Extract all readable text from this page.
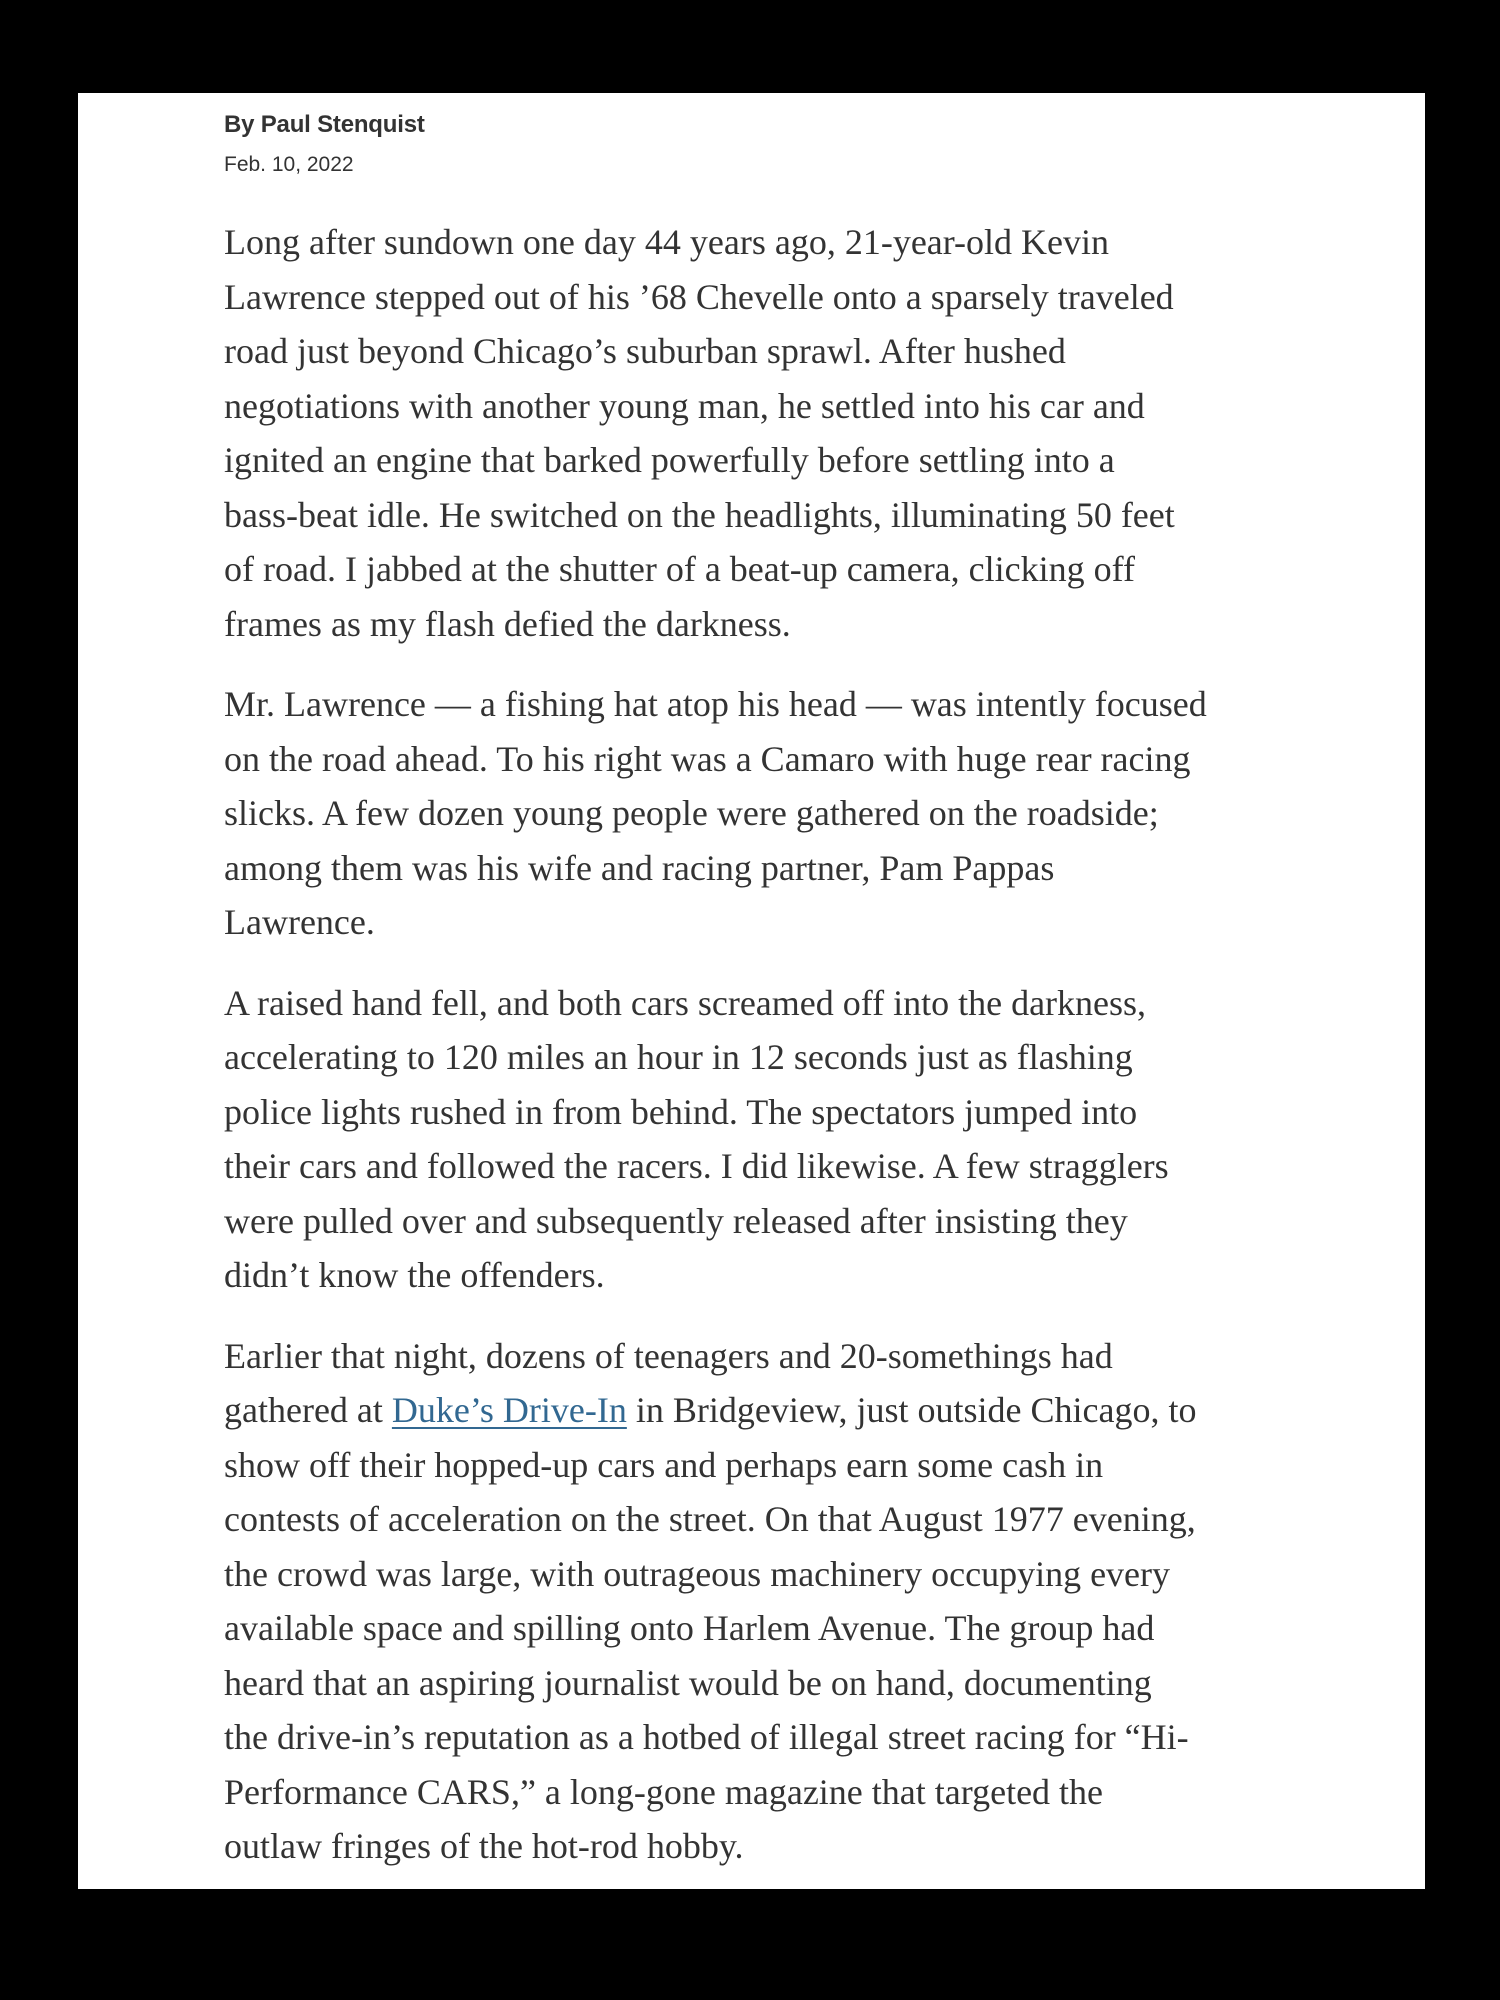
By Paul Stenquist

Feb. 10, 2022

Long after sundown one day 44 years ago, 21-year-old Kevin
Lawrence stepped out of his ’68 Chevelle onto a sparsely traveled
road just beyond Chicago’s suburban sprawl. After hushed
negotiations with another young man, he settled into his car and
ignited an engine that barked powerfully before settling into a
bass-beat idle. He switched on the headlights, illuminating 50 feet
of road. I jabbed at the shutter of a beat-up camera, clicking off
frames as my flash defied the darkness.

Mr. Lawrence — a fishing hat atop his head — was intently focused
on the road ahead. To his right was a Camaro with huge rear racing
slicks. A few dozen young people were gathered on the roadside;
among them was his wife and racing partner, Pam Pappas
Lawrence.

A raised hand fell, and both cars screamed off into the darkness,
accelerating to 120 miles an hour in 12 seconds just as flashing
police lights rushed in from behind. The spectators jumped into
their cars and followed the racers. I did likewise. A few stragglers
were pulled over and subsequently released after insisting they
didn’t know the offenders.

Earlier that night, dozens of teenagers and 20-somethings had
gathered at Duke’s Drive-In in Bridgeview, just outside Chicago, to
show off their hopped-up cars and perhaps earn some cash in
contests of acceleration on the street. On that August 1977 evening,
the crowd was large, with outrageous machinery occupying every
available space and spilling onto Harlem Avenue. The group had
heard that an aspiring journalist would be on hand, documenting
the drive-in’s reputation as a hotbed of illegal street racing for “Hi-
Performance CARS,” a long-gone magazine that targeted the
outlaw fringes of the hot-rod hobby.
